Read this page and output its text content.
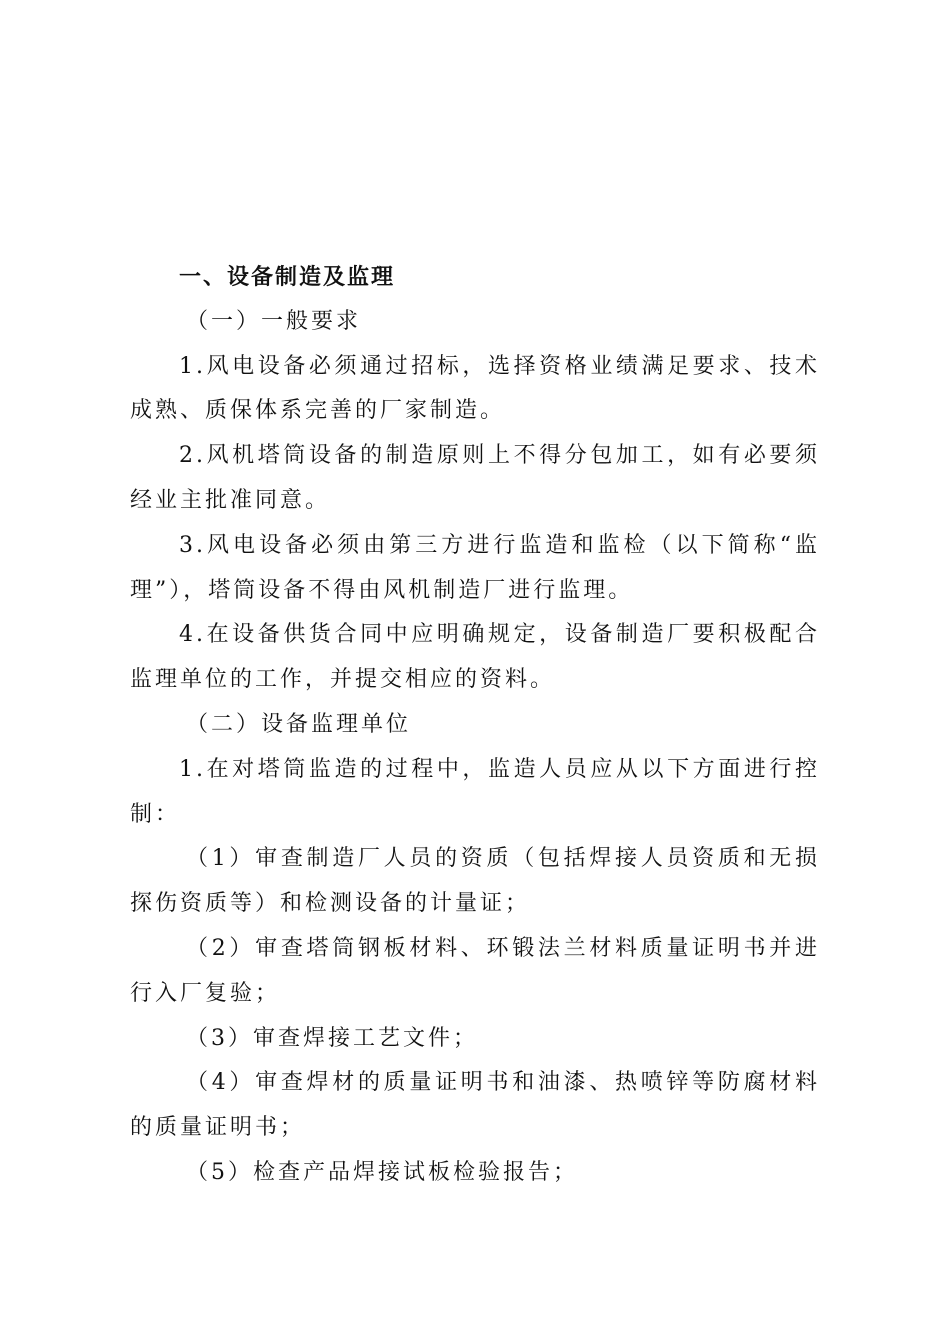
一、设备制造及监理

（一）一般要求

1.风电设备必须通过招标，选择资格业绩满足要求、技术

成熟、质保体系完善的厂家制造。

2.风机塔筒设备的制造原则上不得分包加工，如有必要须

经业主批准同意。

3.风电设备必须由第三方进行监造和监检（以下简称“监

理”），塔筒设备不得由风机制造厂进行监理。

4.在设备供货合同中应明确规定，设备制造厂要积极配合

监理单位的工作，并提交相应的资料。

（二）设备监理单位

1.在对塔筒监造的过程中，监造人员应从以下方面进行控

制：

（1）审查制造厂人员的资质（包括焊接人员资质和无损

探伤资质等）和检测设备的计量证；

（2）审查塔筒钢板材料、环锻法兰材料质量证明书并进

行入厂复验；

（3）审查焊接工艺文件；

（4）审查焊材的质量证明书和油漆、热喷锌等防腐材料

的质量证明书；

（5）检查产品焊接试板检验报告；
